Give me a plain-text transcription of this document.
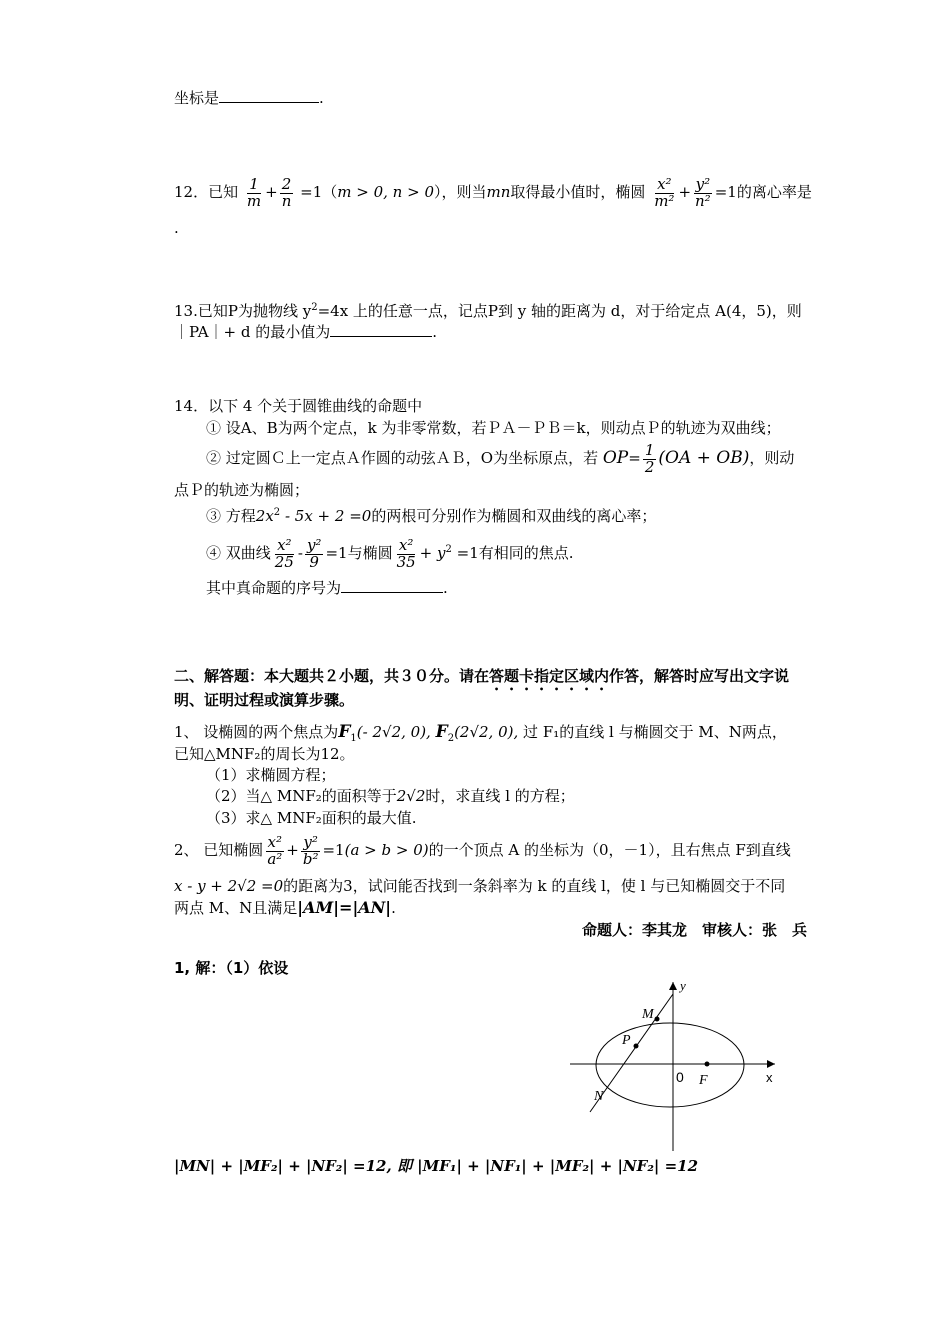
坐标是	.
12．已知 $\frac{1}{m} + \frac{2}{n} =1(m > 0$, n > 0），则当mn取得最小值时，椭圆 $\frac{\text{x²}}{\text{m²}} + \frac{\text{y²}}{\text{n²}} =1$的离心率是
.
13.已知P为抛物线 $y^2=4x$ 上的任意一点，记点P到 y 轴的距离为 d，对于给定点 A(4，5)，则
｜PA｜+ d 的最小值为	.
14．以下 4 个关于圆锥曲线的命题中
① 设A、B为两个定点，k 为非零常数，若ＰＡ－ＰＢ＝k，则动点Ｐ的轨迹为双曲线；
② 过定圆Ｃ上一定点Ａ作圆的动弦ＡＢ，O为坐标原点，若 $OP= \frac{1}{2} (OA + OB)$，则动
点Ｐ的轨迹为椭圆；
③ 方程$2x^2 - 5x + 2 =0$的两根可分别作为椭圆和双曲线的离心率；
④ 双曲线 $\frac{\text{x²}}{25} - \frac{\text{y²}}{9} =1$与椭圆 $\frac{\text{x²}}{35} + y^2 =1$有相同的焦点.
其中真命题的序号为	.
二、解答题：本大题共２小题，共３０分。请在答题卡指定区域内作答，解答时应写出文字说
明、证明过程或演算步骤。
1、 设椭圆的两个焦点为$F_1(-$ 2√2, 0), $F_2(2√2$, 0), 过 F₁的直线 l 与椭圆交于 M、N两点，
已知△MNF₂的周长为12。
（1）求椭圆方程；
（2）当△ MNF₂的面积等于2√2时，求直线 l 的方程；
（3）求△ MNF₂面积的最大值.
2、 已知椭圆 $\frac{\text{x²}}{\text{a²}} + \frac{\text{y²}}{\text{b²}} =1(a > b > 0)$的一个顶点 A 的坐标为（0，－1），且右焦点 F到直线
x - y + 2√2 =0的距离为3，试问能否找到一条斜率为 k 的直线 l，使 l 与已知椭圆交于不同
两点 M、N且满足|AM|=|AN|.
命题人：李其龙　审核人：张　兵
1, 解：（1）依设
M
P
N
F
0	x
y
|MN| + |MF₂| + |NF₂| =12, 即 |MF₁| + |NF₁| + |MF₂| + |NF₂| =12
